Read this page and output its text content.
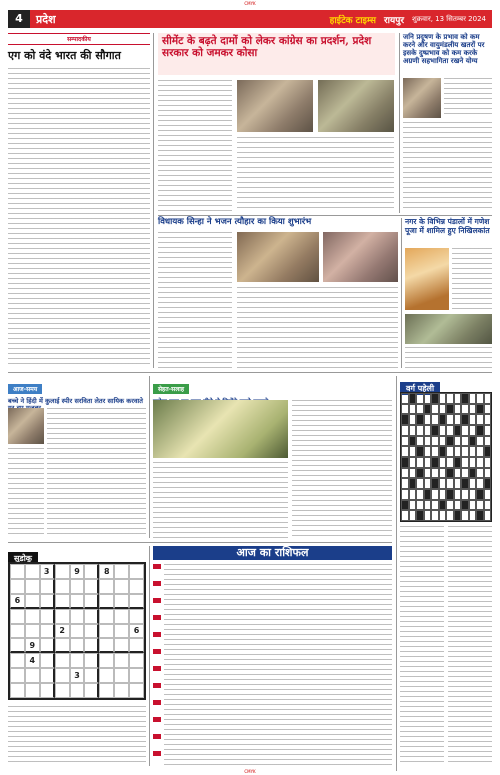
CMYK
4	प्रदेश	हाईटेक टाइम्स रायपुर शुक्रवार, 13 सितम्बर 2024
सम्पादकीय
एग को वंदे भारत की सौगात
सीमेंट के बढ़ते दामों को लेकर कांग्रेस का प्रदर्शन, प्रदेश सरकार को जमकर कोसा
जनि प्रदूषण के प्रभाव को कम करने और वायुमंडलीय खतरों पर इसके दुष्प्रभाव को कम करके अग्रणी सहभागिता रखने योग्य
विधायक सिन्हा ने भजन त्यौहार का किया शुभारंभ	नगर के विभिन्न पंडालों में गणेश पूजा में शामिल हुए निखिलकांत
आज-समय
बच्चे ने हिंदी में कुलाई स्पीर सरविता लेतर सायिक करवाते
सेहत-सलाह	वर्ग पहेली
सुडोकू
3	9	8
6
2	6
9
4
3
आज का राशिफल
CMYK
